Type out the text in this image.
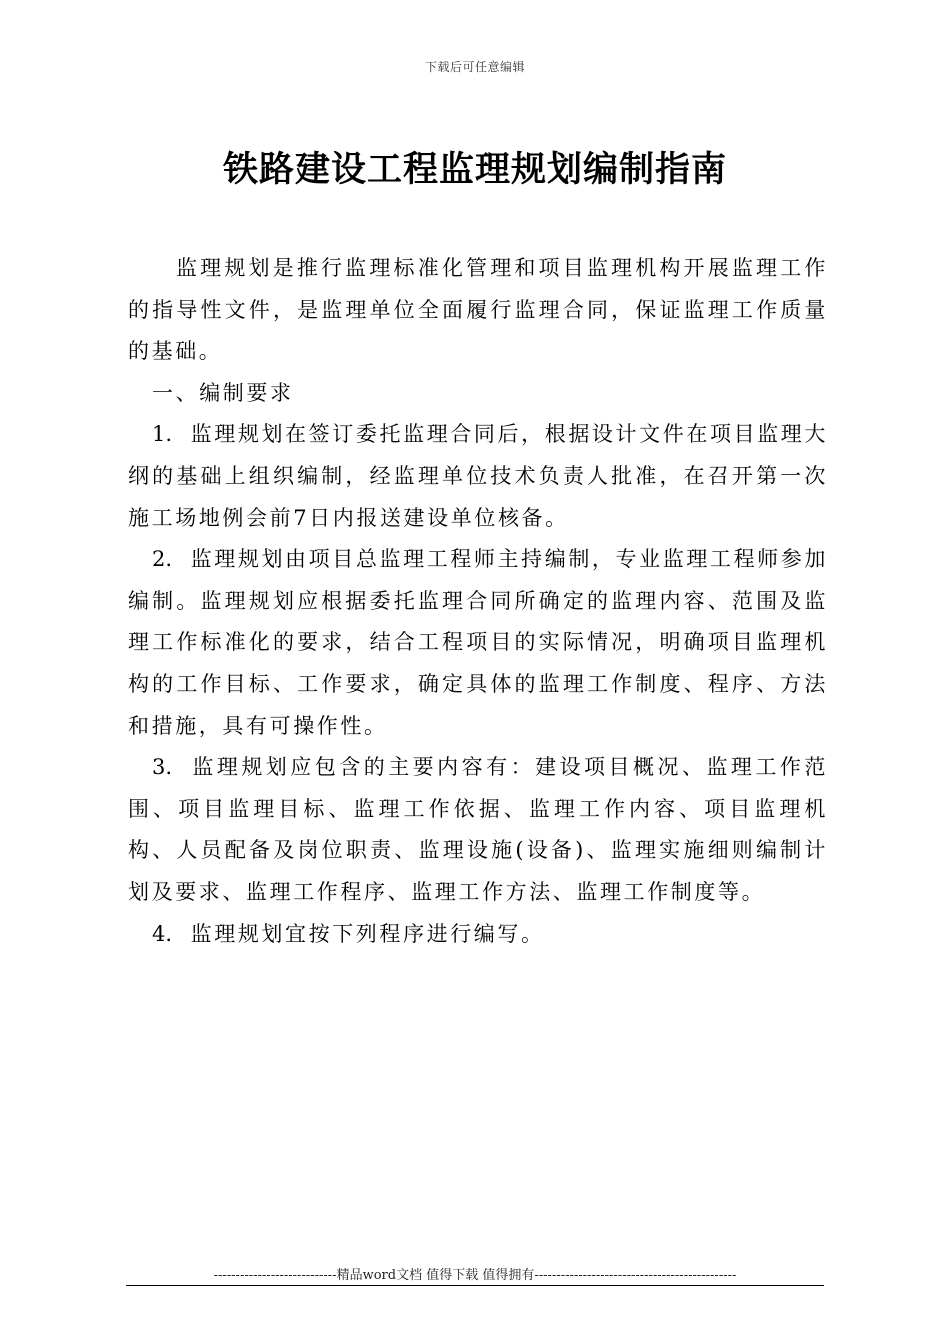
下载后可任意编辑
铁路建设工程监理规划编制指南

监理规划是推行监理标准化管理和项目监理机构开展监理工作的指导性文件，是监理单位全面履行监理合同，保证监理工作质量的基础。

一、编制要求

1. 监理规划在签订委托监理合同后，根据设计文件在项目监理大纲的基础上组织编制，经监理单位技术负责人批准，在召开第一次施工场地例会前7日内报送建设单位核备。

2. 监理规划由项目总监理工程师主持编制，专业监理工程师参加编制。监理规划应根据委托监理合同所确定的监理内容、范围及监理工作标准化的要求，结合工程项目的实际情况，明确项目监理机构的工作目标、工作要求，确定具体的监理工作制度、程序、方法和措施，具有可操作性。

3. 监理规划应包含的主要内容有：建设项目概况、监理工作范围、项目监理目标、监理工作依据、监理工作内容、项目监理机构、人员配备及岗位职责、监理设施(设备)、监理实施细则编制计划及要求、监理工作程序、监理工作方法、监理工作制度等。

4. 监理规划宜按下列程序进行编写。

----------------------------精品word文档 值得下载 值得拥有----------------------------------------------
